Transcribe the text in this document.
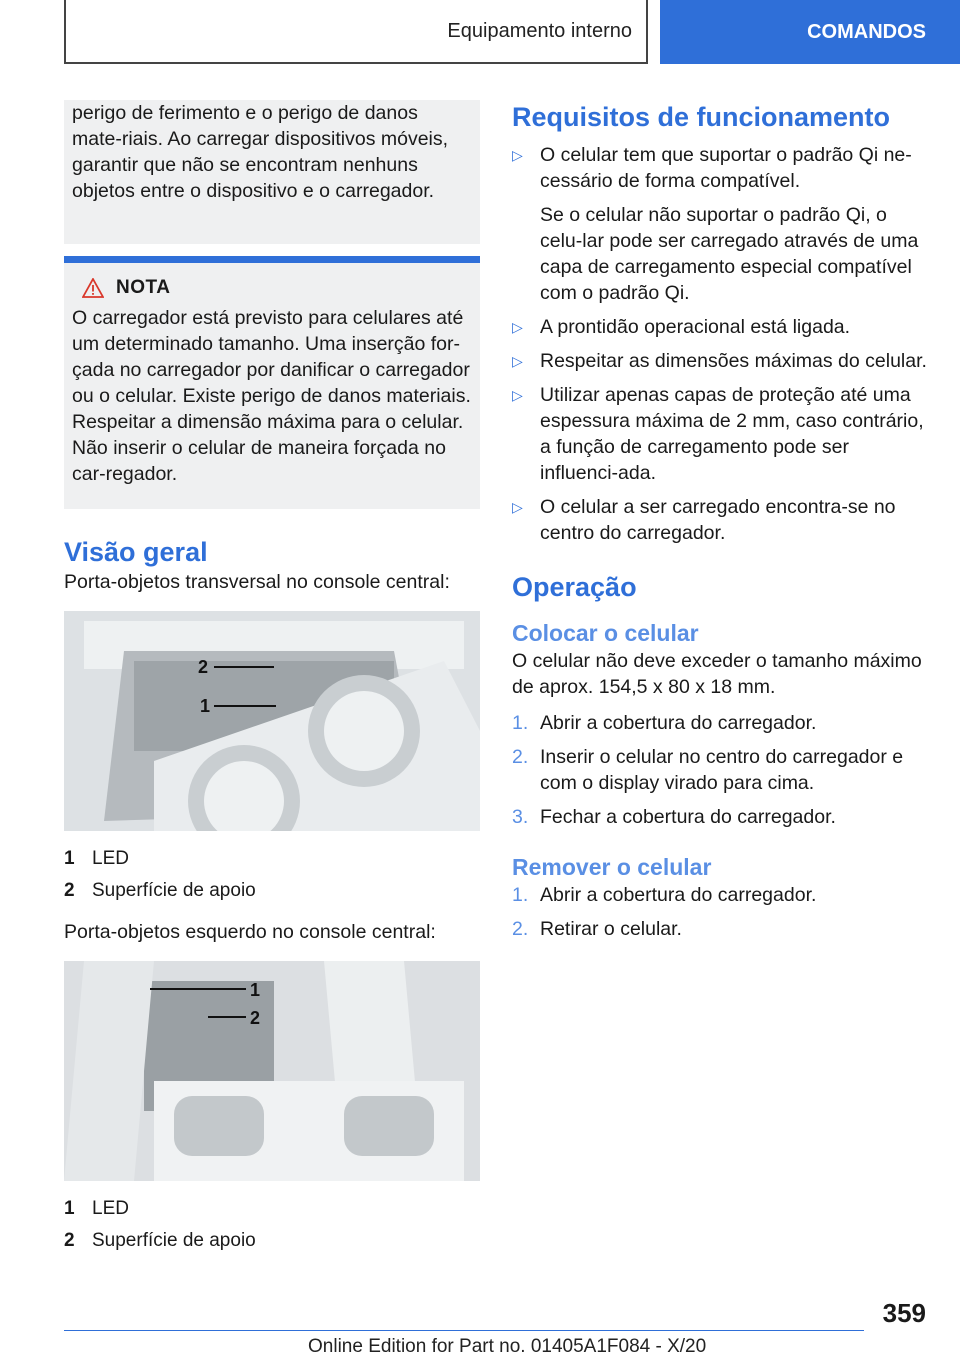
Equipamento interno	COMANDOS

perigo de ferimento e o perigo de danos mate-riais. Ao carregar dispositivos móveis, garantir que não se encontram nenhuns objetos entre o dispositivo e o carregador.

NOTA

O carregador está previsto para celulares até um determinado tamanho. Uma inserção for-çada no carregador por danificar o carregador ou o celular. Existe perigo de danos materiais. Respeitar a dimensão máxima para o celular. Não inserir o celular de maneira forçada no car-regador.

Visão geral

Porta-objetos transversal no console central:

2
1
1 LED
2 Superfície de apoio

Porta-objetos esquerdo no console central:

1
2
1 LED
2 Superfície de apoio
Requisitos de funcionamento
▷ O celular tem que suportar o padrão Qi ne-cessário de forma compatível.

Se o celular não suportar o padrão Qi, o celu-lar pode ser carregado através de uma capa de carregamento especial compatível com o padrão Qi.

▷ A prontidão operacional está ligada.

▷ Respeitar as dimensões máximas do celular.

▷ Utilizar apenas capas de proteção até uma espessura máxima de 2 mm, caso contrário, a função de carregamento pode ser influenci-ada.

▷ O celular a ser carregado encontra-se no centro do carregador.

Operação
Colocar o celular

O celular não deve exceder o tamanho máximo de aprox. 154,5 x 80 x 18 mm.

1. Abrir a cobertura do carregador.

2. Inserir o celular no centro do carregador e com o display virado para cima.

3. Fechar a cobertura do carregador.

Remover o celular
1. Abrir a cobertura do carregador.

2. Retirar o celular.

359
Online Edition for Part no. 01405A1F084 - X/20
